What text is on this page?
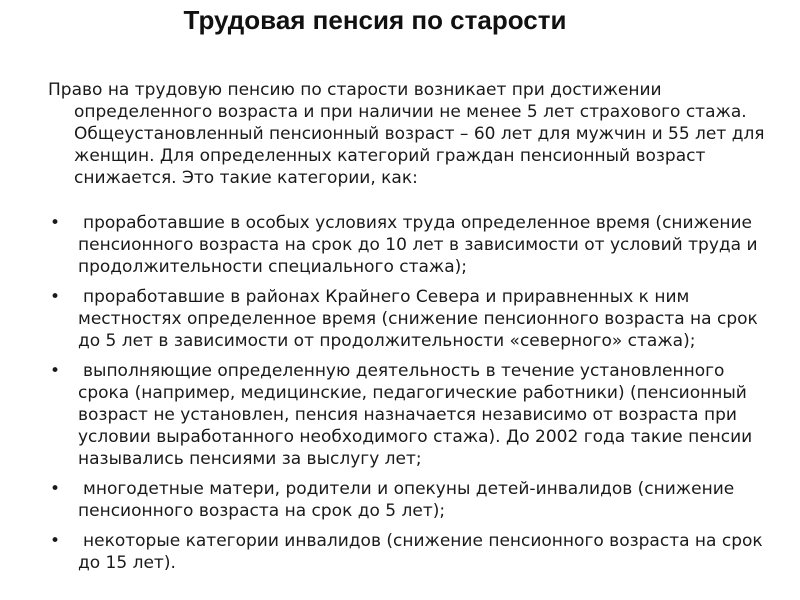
Трудовая пенсия по старости
Право на трудовую пенсию по старости возникает при достижении определенного возраста и при наличии не менее 5 лет страхового стажа. Общеустановленный пенсионный возраст – 60 лет для мужчин и 55 лет для женщин. Для определенных категорий граждан пенсионный возраст снижается. Это такие категории, как:
• проработавшие в особых условиях труда определенное время (снижение пенсионного возраста на срок до 10 лет в зависимости от условий труда и продолжительности специального стажа);
• проработавшие в районах Крайнего Севера и приравненных к ним местностях определенное время (снижение пенсионного возраста на срок до 5 лет в зависимости от продолжительности «северного» стажа);
• выполняющие определенную деятельность в течение установленного срока (например, медицинские, педагогические работники) (пенсионный возраст не установлен, пенсия назначается независимо от возраста при условии выработанного необходимого стажа). До 2002 года такие пенсии назывались пенсиями за выслугу лет;
• многодетные матери, родители и опекуны детей-инвалидов (снижение пенсионного возраста на срок до 5 лет);
• некоторые категории инвалидов (снижение пенсионного возраста на срок до 15 лет).
